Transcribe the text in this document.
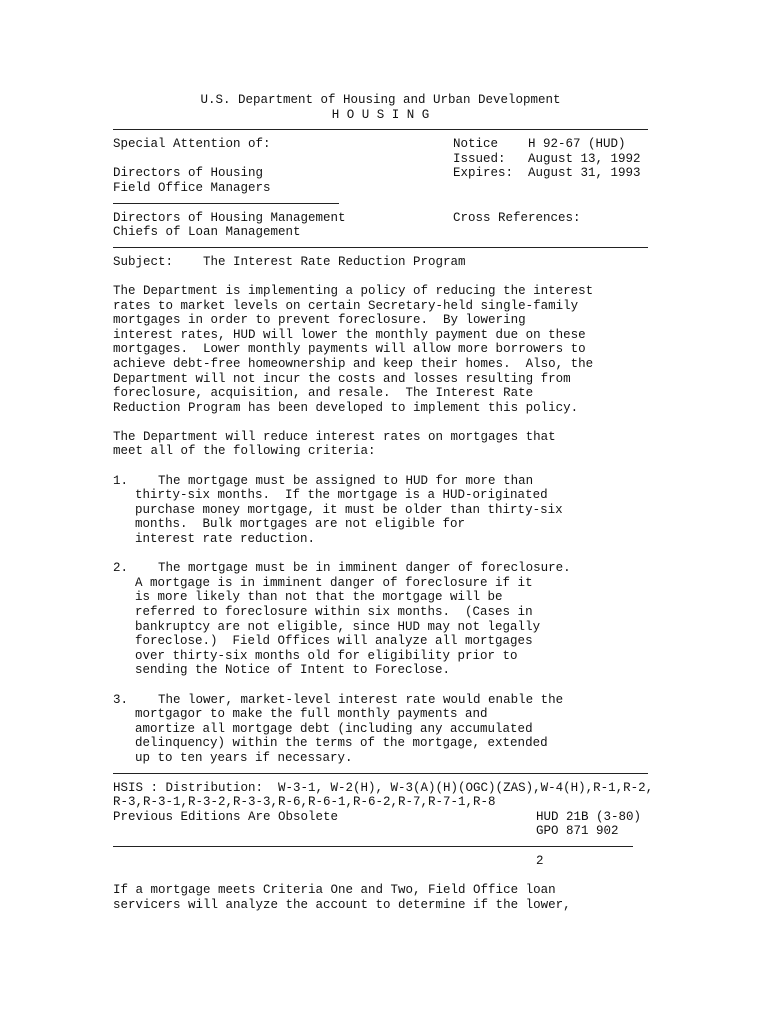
U.S. Department of Housing and Urban Development
H O U S I N G
Special Attention of:	Notice	H 92-67 (HUD)
Issued:	August 13, 1992
Directors of Housing	Expires:	August 31, 1993
Field Office Managers
Directors of Housing Management	Cross References:
Chiefs of Loan Management
Subject:	The Interest Rate Reduction Program
The Department is implementing a policy of reducing the interest
rates to market levels on certain Secretary-held single-family
mortgages in order to prevent foreclosure.  By lowering
interest rates, HUD will lower the monthly payment due on these
mortgages.  Lower monthly payments will allow more borrowers to
achieve debt-free homeownership and keep their homes.  Also, the
Department will not incur the costs and losses resulting from
foreclosure, acquisition, and resale.  The Interest Rate
Reduction Program has been developed to implement this policy.
The Department will reduce interest rates on mortgages that
meet all of the following criteria:
1.    The mortgage must be assigned to HUD for more than
thirty-six months.  If the mortgage is a HUD-originated
purchase money mortgage, it must be older than thirty-six
months.  Bulk mortgages are not eligible for
interest rate reduction.
2.    The mortgage must be in imminent danger of foreclosure.
A mortgage is in imminent danger of foreclosure if it
is more likely than not that the mortgage will be
referred to foreclosure within six months.  (Cases in
bankruptcy are not eligible, since HUD may not legally
foreclose.)  Field Offices will analyze all mortgages
over thirty-six months old for eligibility prior to
sending the Notice of Intent to Foreclose.
3.    The lower, market-level interest rate would enable the
mortgagor to make the full monthly payments and
amortize all mortgage debt (including any accumulated
delinquency) within the terms of the mortgage, extended
up to ten years if necessary.
HSIS : Distribution:  W-3-1, W-2(H), W-3(A)(H)(OGC)(ZAS),W-4(H),R-1,R-2,
R-3,R-3-1,R-3-2,R-3-3,R-6,R-6-1,R-6-2,R-7,R-7-1,R-8
Previous Editions Are Obsolete	HUD 21B (3-80)
GPO 871 902
2
If a mortgage meets Criteria One and Two, Field Office loan
servicers will analyze the account to determine if the lower,
